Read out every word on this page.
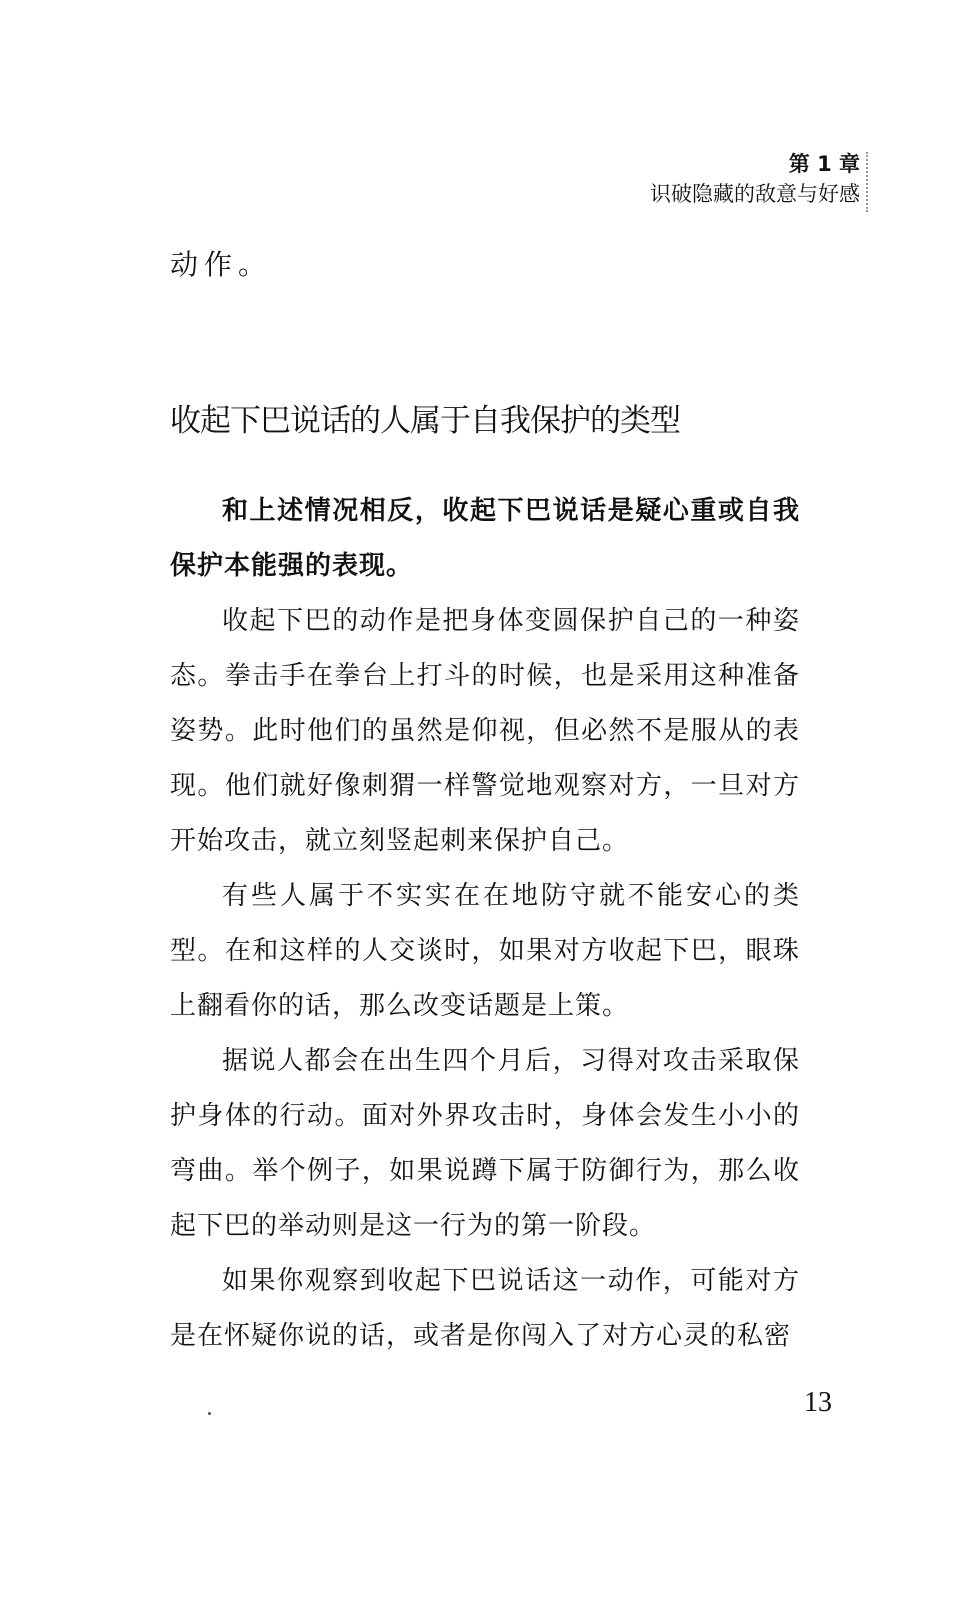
第 1 章
识破隐藏的敌意与好感
动作。
收起下巴说话的人属于自我保护的类型

和上述情况相反，收起下巴说话是疑心重或自我保护本能强的表现。

收起下巴的动作是把身体变圆保护自己的一种姿态。拳击手在拳台上打斗的时候，也是采用这种准备姿势。此时他们的虽然是仰视，但必然不是服从的表现。他们就好像刺猬一样警觉地观察对方，一旦对方开始攻击，就立刻竖起刺来保护自己。

有些人属于不实实在在地防守就不能安心的类型。在和这样的人交谈时，如果对方收起下巴，眼珠上翻看你的话，那么改变话题是上策。

据说人都会在出生四个月后，习得对攻击采取保护身体的行动。面对外界攻击时，身体会发生小小的弯曲。举个例子，如果说蹲下属于防御行为，那么收起下巴的举动则是这一行为的第一阶段。

如果你观察到收起下巴说话这一动作，可能对方是在怀疑你说的话，或者是你闯入了对方心灵的私密

13
